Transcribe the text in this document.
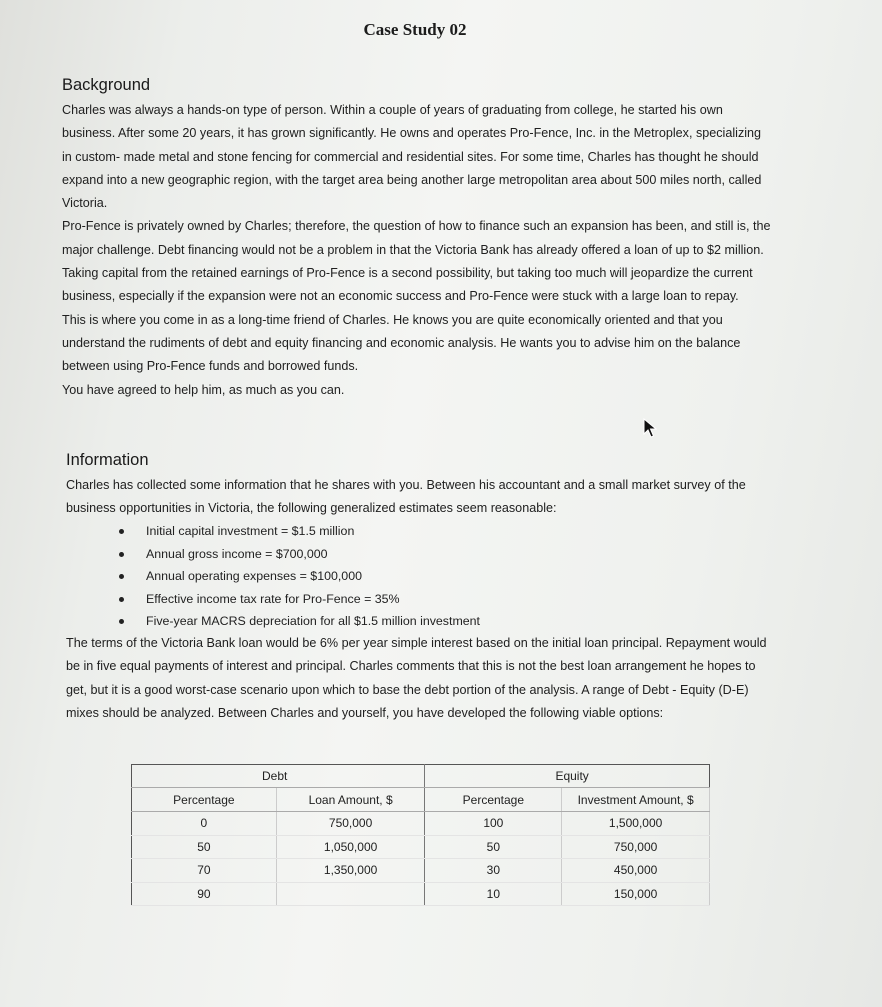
Case Study 02
Background

Charles was always a hands-on type of person. Within a couple of years of graduating from college, he started his own business. After some 20 years, it has grown significantly. He owns and operates Pro-Fence, Inc. in the Metroplex, specializing in custom- made metal and stone fencing for commercial and residential sites. For some time, Charles has thought he should expand into a new geographic region, with the target area being another large metropolitan area about 500 miles north, called Victoria.

Pro-Fence is privately owned by Charles; therefore, the question of how to finance such an expansion has been, and still is, the major challenge. Debt financing would not be a problem in that the Victoria Bank has already offered a loan of up to $2 million. Taking capital from the retained earnings of Pro-Fence is a second possibility, but taking too much will jeopardize the current business, especially if the expansion were not an economic success and Pro-Fence were stuck with a large loan to repay.

This is where you come in as a long-time friend of Charles. He knows you are quite economically oriented and that you understand the rudiments of debt and equity financing and economic analysis. He wants you to advise him on the balance between using Pro-Fence funds and borrowed funds.

You have agreed to help him, as much as you can.

Information
Charles has collected some information that he shares with you. Between his accountant and a small market survey of the business opportunities in Victoria, the following generalized estimates seem reasonable:
Initial capital investment = $1.5 million
Annual gross income = $700,000
Annual operating expenses = $100,000
Effective income tax rate for Pro-Fence = 35%
Five-year MACRS depreciation for all $1.5 million investment
The terms of the Victoria Bank loan would be 6% per year simple interest based on the initial loan principal. Repayment would be in five equal payments of interest and principal. Charles comments that this is not the best loan arrangement he hopes to get, but it is a good worst-case scenario upon which to base the debt portion of the analysis. A range of Debt - Equity (D-E) mixes should be analyzed. Between Charles and yourself, you have developed the following viable options:
Debt		Equity	
Percentage	Loan Amount, $	Percentage	Investment Amount, $
0	750,000	100	1,500,000
50	1,050,000	50	750,000
70	1,350,000	30	450,000
90		10	150,000
